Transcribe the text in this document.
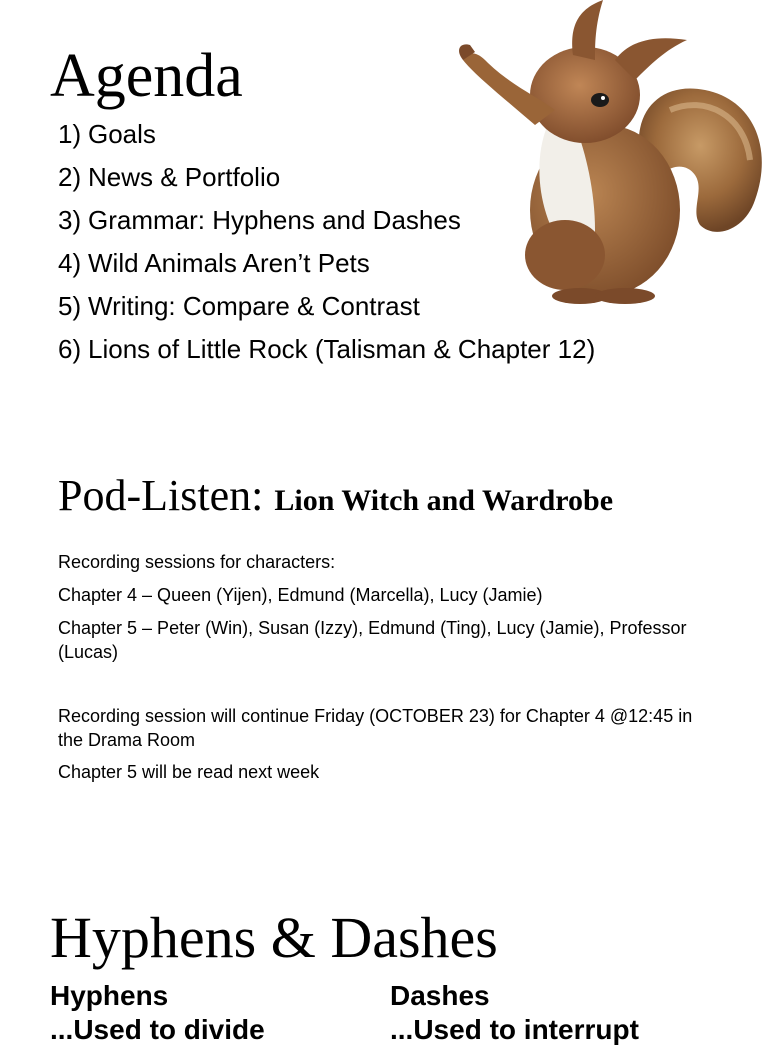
Agenda
1) Goals
2) News & Portfolio
3) Grammar: Hyphens and Dashes
4) Wild Animals Aren’t Pets
5) Writing: Compare & Contrast
6) Lions of Little Rock (Talisman & Chapter 12)
Pod-Listen: Lion Witch and Wardrobe

Recording sessions for characters:

Chapter 4 – Queen (Yijen), Edmund (Marcella), Lucy (Jamie)

Chapter 5 – Peter (Win), Susan (Izzy), Edmund (Ting), Lucy (Jamie), Professor (Lucas)

Recording session will continue Friday (OCTOBER 23) for Chapter 4 @12:45 in the Drama Room

Chapter 5 will be read next week

Hyphens & Dashes

Hyphens	Dashes

...Used to divide	...Used to interrupt
